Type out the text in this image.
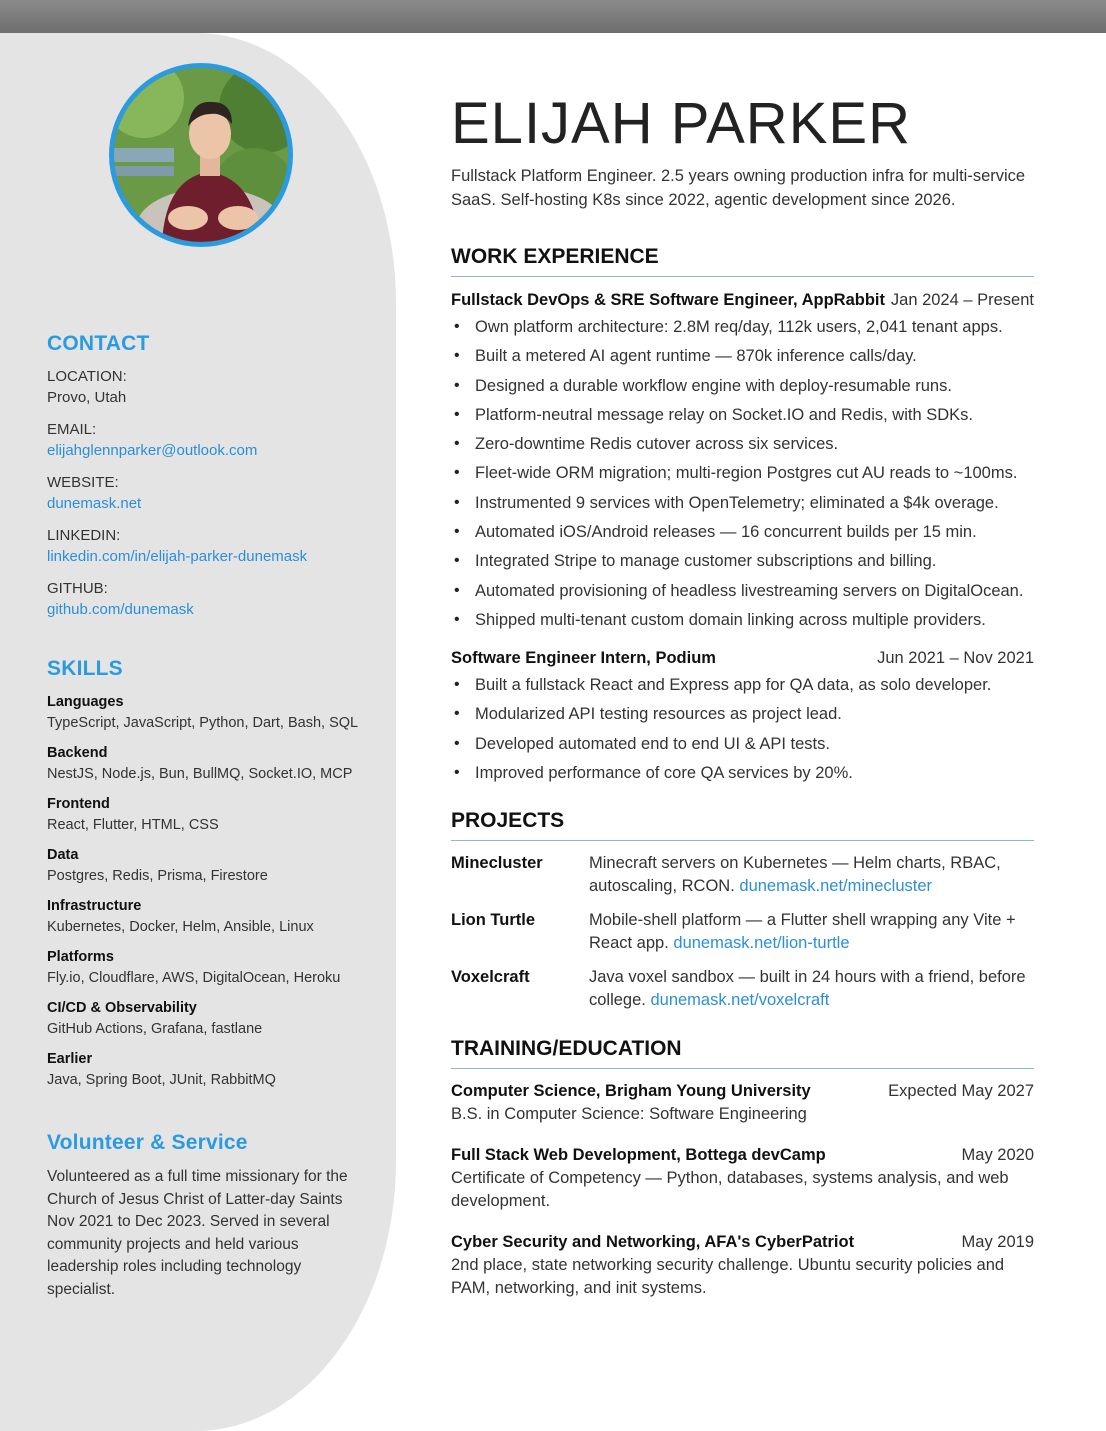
CONTACT
LOCATION:
Provo, Utah
EMAIL:
elijahglennparker@outlook.com
WEBSITE:
dunemask.net
LINKEDIN:
linkedin.com/in/elijah-parker-dunemask
GITHUB:
github.com/dunemask
SKILLS
Languages
TypeScript, JavaScript, Python, Dart, Bash, SQL
Backend
NestJS, Node.js, Bun, BullMQ, Socket.IO, MCP
Frontend
React, Flutter, HTML, CSS
Data
Postgres, Redis, Prisma, Firestore
Infrastructure
Kubernetes, Docker, Helm, Ansible, Linux
Platforms
Fly.io, Cloudflare, AWS, DigitalOcean, Heroku
CI/CD & Observability
GitHub Actions, Grafana, fastlane
Earlier
Java, Spring Boot, JUnit, RabbitMQ
Volunteer & Service

Volunteered as a full time missionary for the Church of Jesus Christ of Latter-day Saints Nov 2021 to Dec 2023. Served in several community projects and held various leadership roles including technology specialist.

ELIJAH PARKER

Fullstack Platform Engineer. 2.5 years owning production infra for multi-service SaaS. Self-hosting K8s since 2022, agentic development since 2026.

WORK EXPERIENCE
Fullstack DevOps & SRE Software Engineer, AppRabbit Jan 2024 – Present
• Own platform architecture: 2.8M req/day, 112k users, 2,041 tenant apps.
• Built a metered AI agent runtime — 870k inference calls/day.
• Designed a durable workflow engine with deploy-resumable runs.
• Platform-neutral message relay on Socket.IO and Redis, with SDKs.
• Zero-downtime Redis cutover across six services.
• Fleet-wide ORM migration; multi-region Postgres cut AU reads to ~100ms.
• Instrumented 9 services with OpenTelemetry; eliminated a $4k overage.
• Automated iOS/Android releases — 16 concurrent builds per 15 min.
• Integrated Stripe to manage customer subscriptions and billing.
• Automated provisioning of headless livestreaming servers on DigitalOcean.
• Shipped multi-tenant custom domain linking across multiple providers.
Software Engineer Intern, Podium	Jun 2021 – Nov 2021
• Built a fullstack React and Express app for QA data, as solo developer.
• Modularized API testing resources as project lead.
• Developed automated end to end UI & API tests.
• Improved performance of core QA services by 20%.
PROJECTS
Minecluster	Minecraft servers on Kubernetes — Helm charts, RBAC, autoscaling, RCON. dunemask.net/minecluster
Lion Turtle	Mobile-shell platform — a Flutter shell wrapping any Vite + React app. dunemask.net/lion-turtle
Voxelcraft	Java voxel sandbox — built in 24 hours with a friend, before college. dunemask.net/voxelcraft
TRAINING/EDUCATION
Computer Science, Brigham Young University	Expected May 2027
B.S. in Computer Science: Software Engineering
Full Stack Web Development, Bottega devCamp	May 2020
Certificate of Competency — Python, databases, systems analysis, and web development.
Cyber Security and Networking, AFA's CyberPatriot	May 2019
2nd place, state networking security challenge. Ubuntu security policies and PAM, networking, and init systems.
